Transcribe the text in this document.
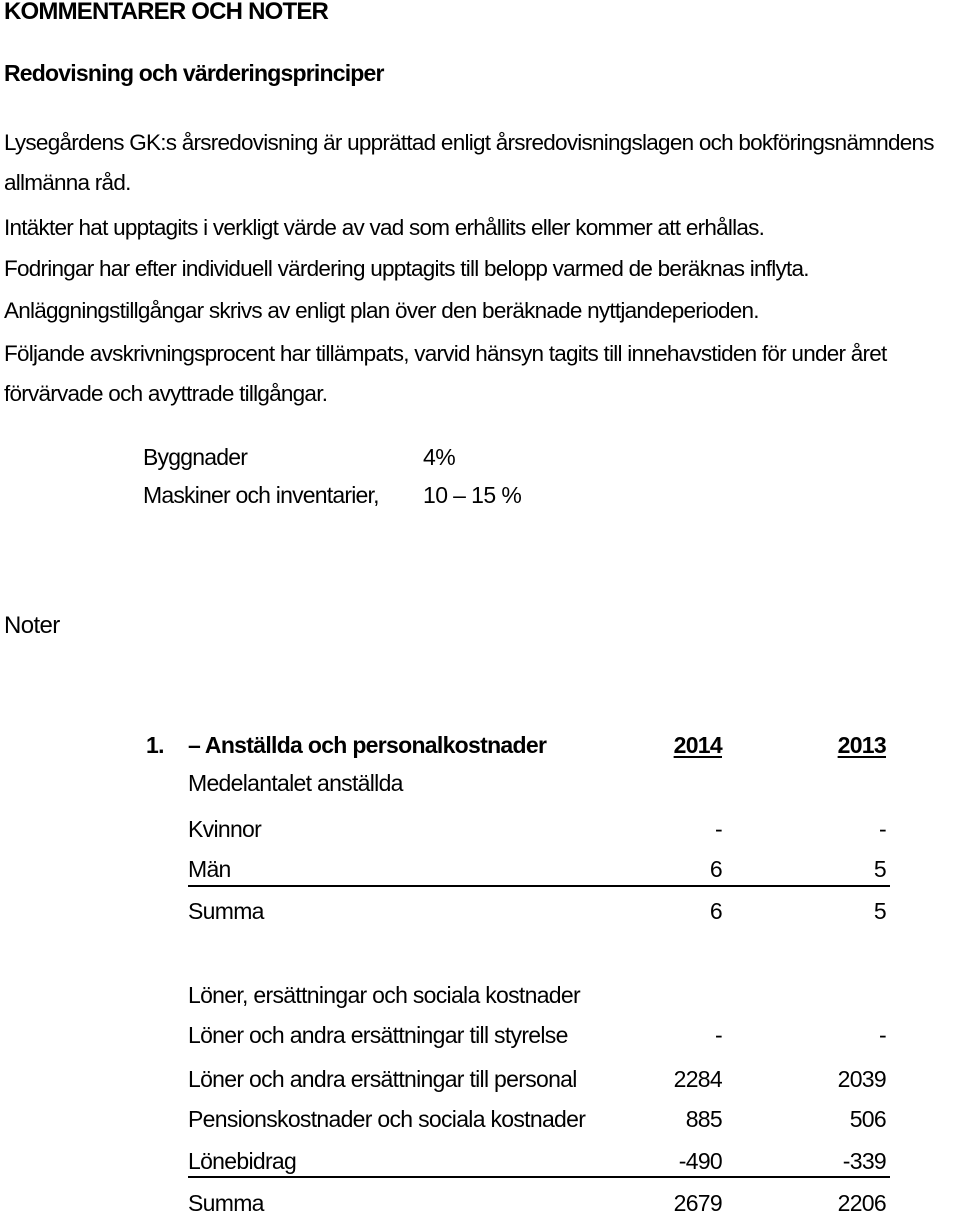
KOMMENTARER OCH NOTER
Redovisning och värderingsprinciper
Lysegårdens GK:s årsredovisning är upprättad enligt årsredovisningslagen och bokföringsnämndens
allmänna råd.
Intäkter hat upptagits i verkligt värde av vad som erhållits eller kommer att erhållas.
Fodringar har efter individuell värdering upptagits till belopp varmed de beräknas inflyta.
Anläggningstillgångar skrivs av enligt plan över den beräknade nyttjandeperioden.
Följande avskrivningsprocent har tillämpats, varvid hänsyn tagits till innehavstiden för under året
förvärvade och avyttrade tillgångar.
Byggnader	4%
Maskiner och inventarier, 10 – 15 %
Noter
1. – Anställda och personalkostnader	2014	2013
Medelantalet anställda
Kvinnor	-	-
Män	6	5
Summa	6	5
Löner, ersättningar och sociala kostnader
Löner och andra ersättningar till styrelse	-	-
Löner och andra ersättningar till personal	2284	2039
Pensionskostnader och sociala kostnader	885	506
Lönebidrag	-490	-339
Summa	2679	2206
